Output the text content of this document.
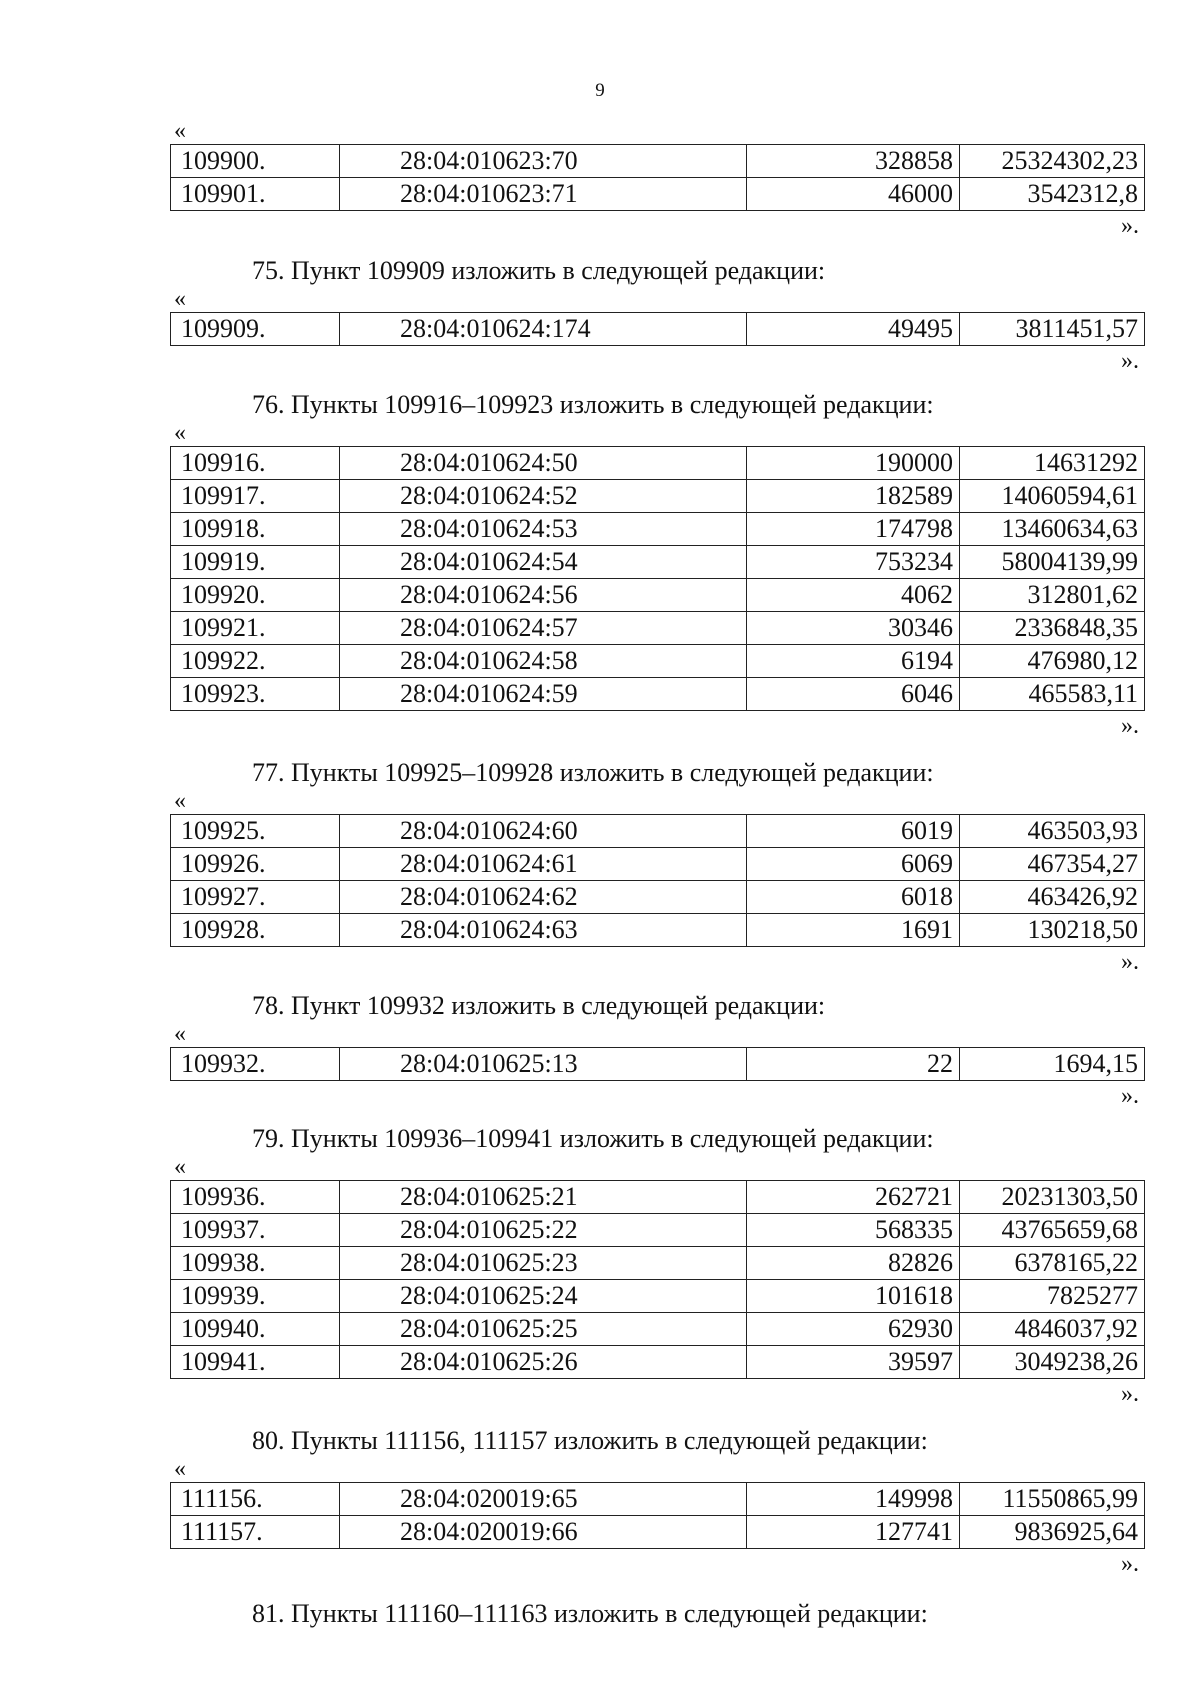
9
«
109900.	28:04:010623:70	328858	25324302,23
109901.	28:04:010623:71	46000	3542312,8
».
75. Пункт 109909 изложить в следующей редакции:
«
109909.	28:04:010624:174	49495	3811451,57
».
76. Пункты 109916–109923 изложить в следующей редакции:
«
109916.	28:04:010624:50	190000	14631292
109917.	28:04:010624:52	182589	14060594,61
109918.	28:04:010624:53	174798	13460634,63
109919.	28:04:010624:54	753234	58004139,99
109920.	28:04:010624:56	4062	312801,62
109921.	28:04:010624:57	30346	2336848,35
109922.	28:04:010624:58	6194	476980,12
109923.	28:04:010624:59	6046	465583,11
».
77. Пункты 109925–109928 изложить в следующей редакции:
«
109925.	28:04:010624:60	6019	463503,93
109926.	28:04:010624:61	6069	467354,27
109927.	28:04:010624:62	6018	463426,92
109928.	28:04:010624:63	1691	130218,50
».
78. Пункт 109932 изложить в следующей редакции:
«
109932.	28:04:010625:13	22	1694,15
».
79. Пункты 109936–109941 изложить в следующей редакции:
«
109936.	28:04:010625:21	262721	20231303,50
109937.	28:04:010625:22	568335	43765659,68
109938.	28:04:010625:23	82826	6378165,22
109939.	28:04:010625:24	101618	7825277
109940.	28:04:010625:25	62930	4846037,92
109941.	28:04:010625:26	39597	3049238,26
».
80. Пункты 111156, 111157 изложить в следующей редакции:
«
111156.	28:04:020019:65	149998	11550865,99
111157.	28:04:020019:66	127741	9836925,64
».
81. Пункты 111160–111163 изложить в следующей редакции:
